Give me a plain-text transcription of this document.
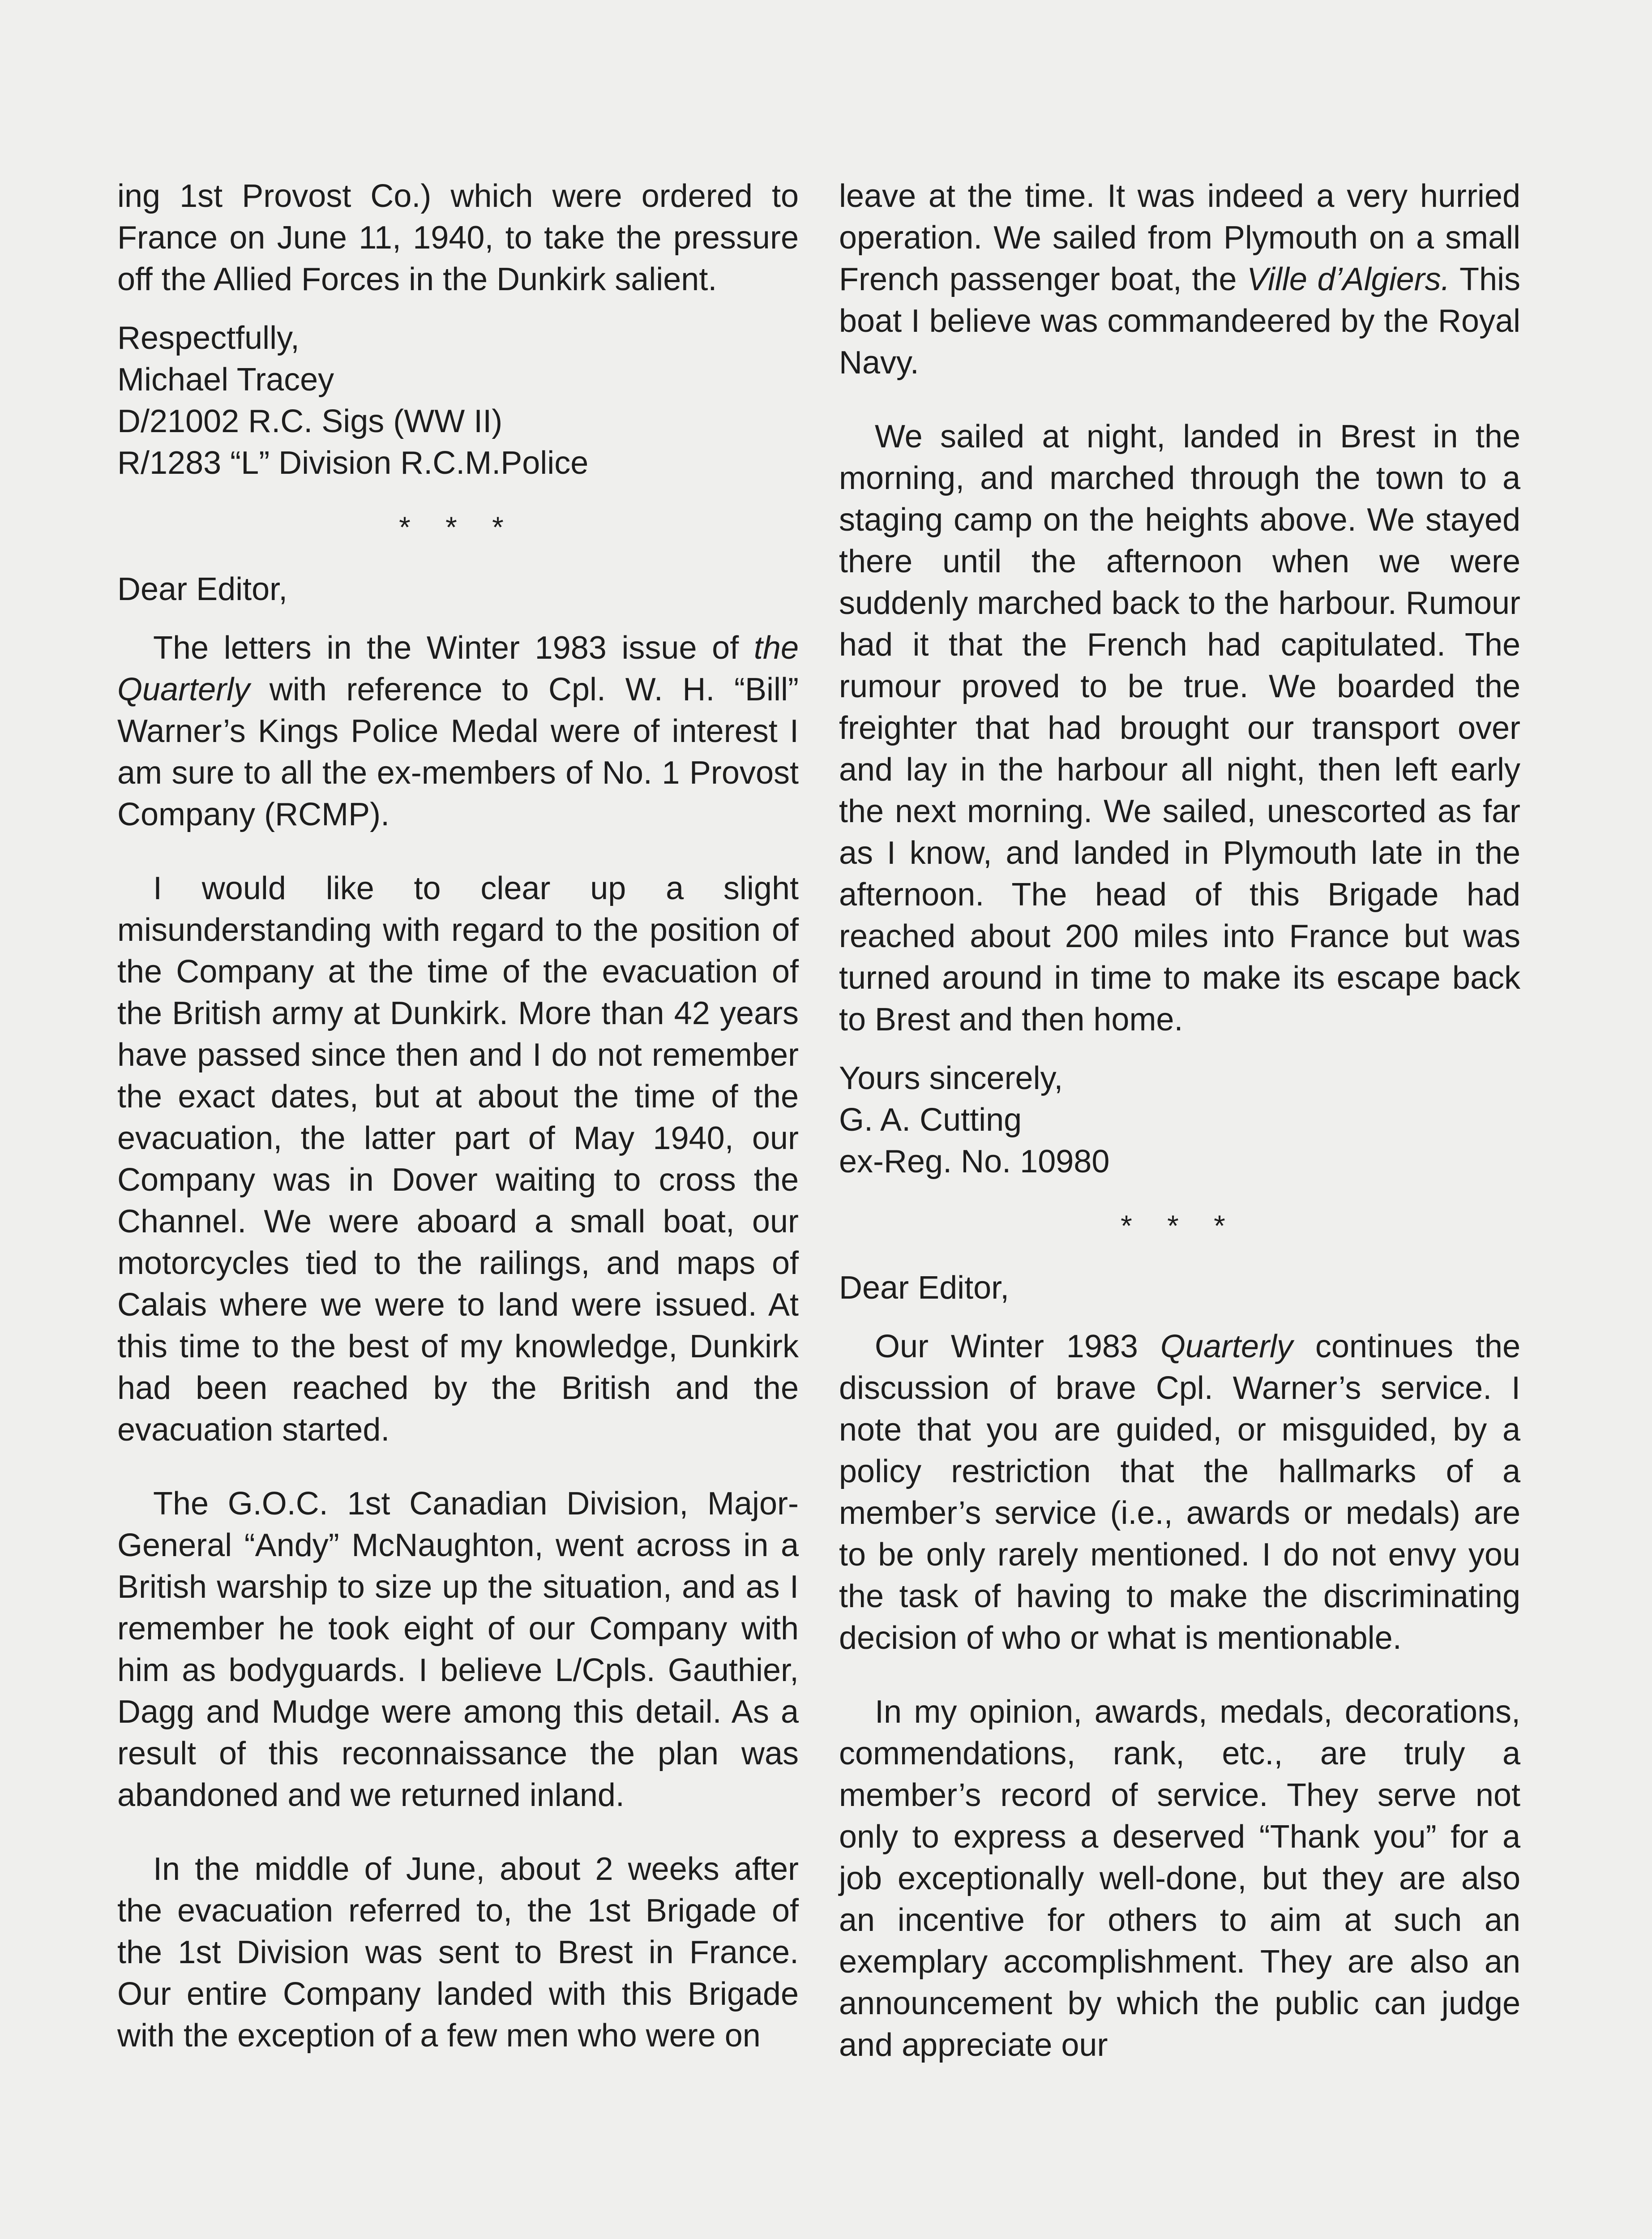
ing 1st Provost Co.) which were ordered to France on June 11, 1940, to take the pressure off the Allied Forces in the Dunkirk salient.

Respectfully,
Michael Tracey
D/21002 R.C. Sigs (WW II)
R/1283 “L” Division R.C.M.Police
* * *

Dear Editor,

The letters in the Winter 1983 issue of the Quarterly with reference to Cpl. W. H. “Bill” Warner’s Kings Police Medal were of interest I am sure to all the ex-members of No. 1 Provost Company (RCMP).

I would like to clear up a slight misunderstanding with regard to the position of the Company at the time of the evacuation of the British army at Dunkirk. More than 42 years have passed since then and I do not remember the exact dates, but at about the time of the evacuation, the latter part of May 1940, our Company was in Dover waiting to cross the Channel. We were aboard a small boat, our motorcycles tied to the railings, and maps of Calais where we were to land were issued. At this time to the best of my knowledge, Dunkirk had been reached by the British and the evacuation started.

The G.O.C. 1st Canadian Division, Major-General “Andy” McNaughton, went across in a British warship to size up the situation, and as I remember he took eight of our Company with him as bodyguards. I believe L/Cpls. Gauthier, Dagg and Mudge were among this detail. As a result of this reconnaissance the plan was abandoned and we returned inland.

In the middle of June, about 2 weeks after the evacuation referred to, the 1st Brigade of the 1st Division was sent to Brest in France. Our entire Company landed with this Brigade with the exception of a few men who were on

leave at the time. It was indeed a very hurried operation. We sailed from Plymouth on a small French passenger boat, the Ville d’Algiers. This boat I believe was commandeered by the Royal Navy.

We sailed at night, landed in Brest in the morning, and marched through the town to a staging camp on the heights above. We stayed there until the afternoon when we were suddenly marched back to the harbour. Rumour had it that the French had capitulated. The rumour proved to be true. We boarded the freighter that had brought our transport over and lay in the harbour all night, then left early the next morning. We sailed, unescorted as far as I know, and landed in Plymouth late in the afternoon. The head of this Brigade had reached about 200 miles into France but was turned around in time to make its escape back to Brest and then home.

Yours sincerely,
G. A. Cutting
ex-Reg. No. 10980
* * *

Dear Editor,

Our Winter 1983 Quarterly continues the discussion of brave Cpl. Warner’s service. I note that you are guided, or misguided, by a policy restriction that the hallmarks of a member’s service (i.e., awards or medals) are to be only rarely mentioned. I do not envy you the task of having to make the discriminating decision of who or what is mentionable.

In my opinion, awards, medals, decorations, commendations, rank, etc., are truly a member’s record of service. They serve not only to express a deserved “Thank you” for a job exceptionally well-done, but they are also an incentive for others to aim at such an exemplary accomplishment. They are also an announcement by which the public can judge and appreciate our
